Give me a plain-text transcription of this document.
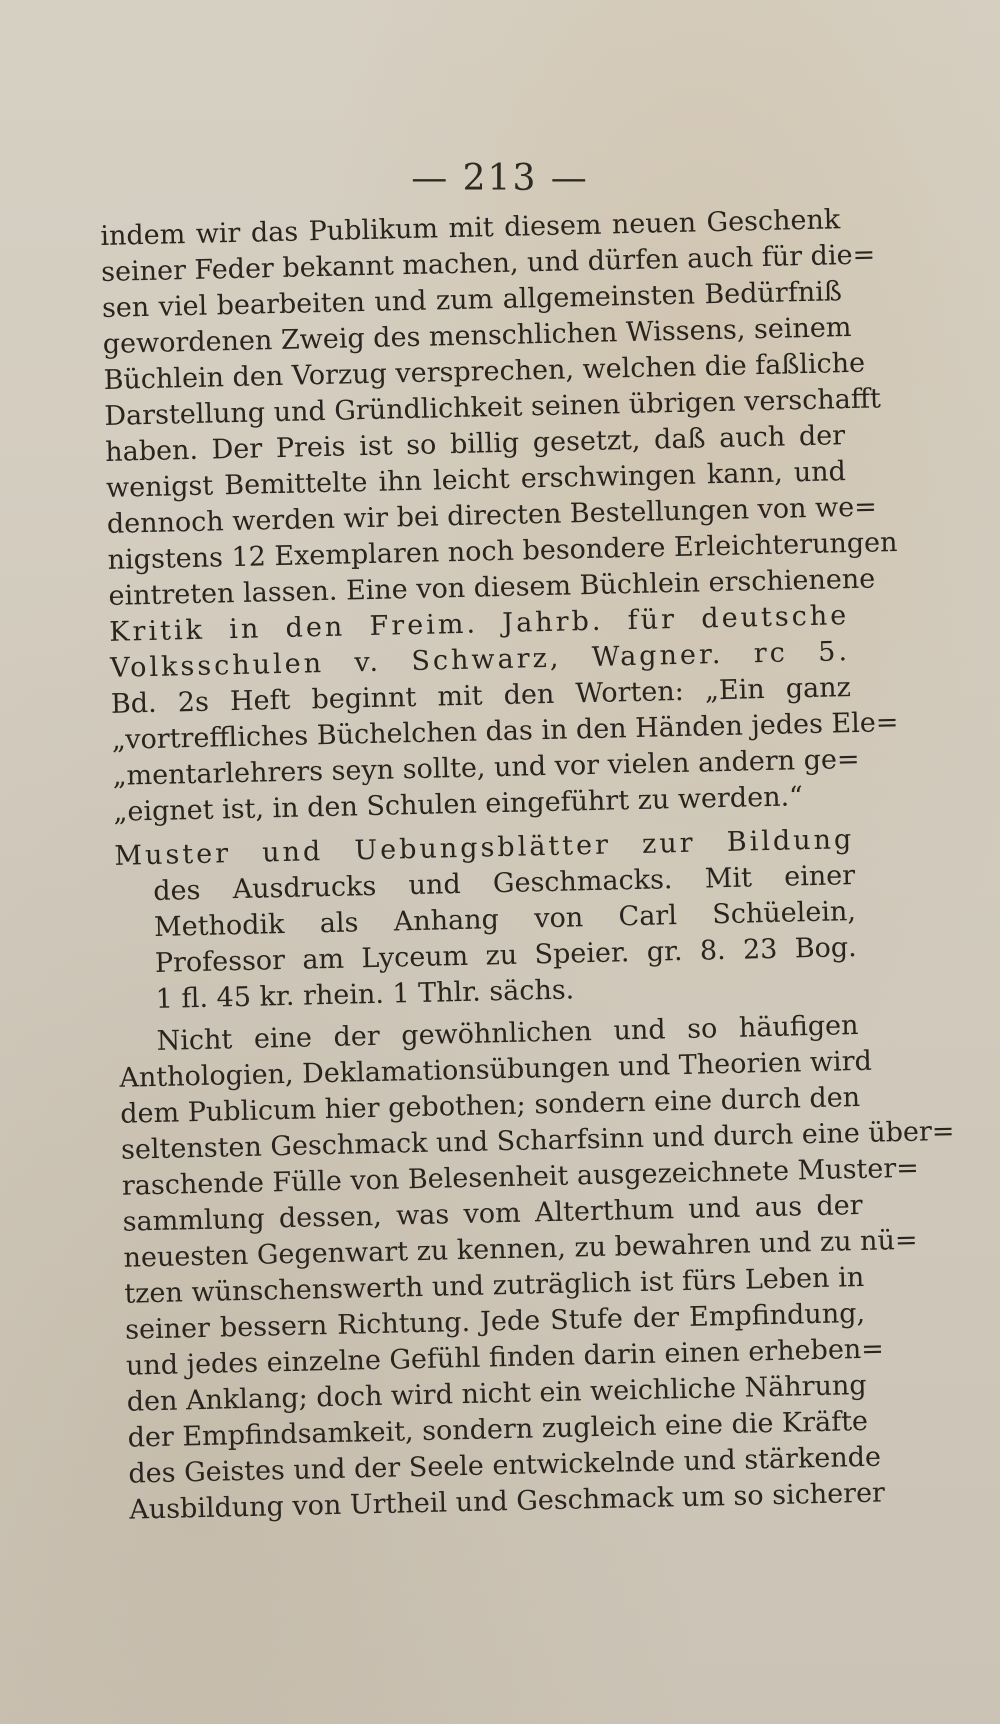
— 213 —
indem wir das Publikum mit diesem neuen Geschenk
seiner Feder bekannt machen, und dürfen auch für die=
sen viel bearbeiten und zum allgemeinsten Bedürfniß
gewordenen Zweig des menschlichen Wissens, seinem
Büchlein den Vorzug versprechen, welchen die faßliche
Darstellung und Gründlichkeit seinen übrigen verschafft
haben. Der Preis ist so billig gesetzt, daß auch der
wenigst Bemittelte ihn leicht erschwingen kann, und
dennoch werden wir bei directen Bestellungen von we=
nigstens 12 Exemplaren noch besondere Erleichterungen
eintreten lassen. Eine von diesem Büchlein erschienene
Kritik in den Freim. Jahrb. für deutsche
Volksschulen v. Schwarz, Wagner. rc 5.
Bd. 2s Heft beginnt mit den Worten: „Ein ganz
„vortreffliches Büchelchen das in den Händen jedes Ele=
„mentarlehrers seyn sollte, und vor vielen andern ge=
„eignet ist, in den Schulen eingeführt zu werden.“
Muster und Uebungsblätter zur Bildung
des Ausdrucks und Geschmacks. Mit einer
Methodik als Anhang von Carl Schüelein,
Professor am Lyceum zu Speier. gr. 8. 23 Bog.
1 fl. 45 kr. rhein. 1 Thlr. sächs.
Nicht eine der gewöhnlichen und so häufigen
Anthologien, Deklamationsübungen und Theorien wird
dem Publicum hier gebothen; sondern eine durch den
seltensten Geschmack und Scharfsinn und durch eine über=
raschende Fülle von Belesenheit ausgezeichnete Muster=
sammlung dessen, was vom Alterthum und aus der
neuesten Gegenwart zu kennen, zu bewahren und zu nü=
tzen wünschenswerth und zuträglich ist fürs Leben in
seiner bessern Richtung. Jede Stufe der Empfindung,
und jedes einzelne Gefühl finden darin einen erheben=
den Anklang; doch wird nicht ein weichliche Nährung
der Empfindsamkeit, sondern zugleich eine die Kräfte
des Geistes und der Seele entwickelnde und stärkende
Ausbildung von Urtheil und Geschmack um so sicherer
